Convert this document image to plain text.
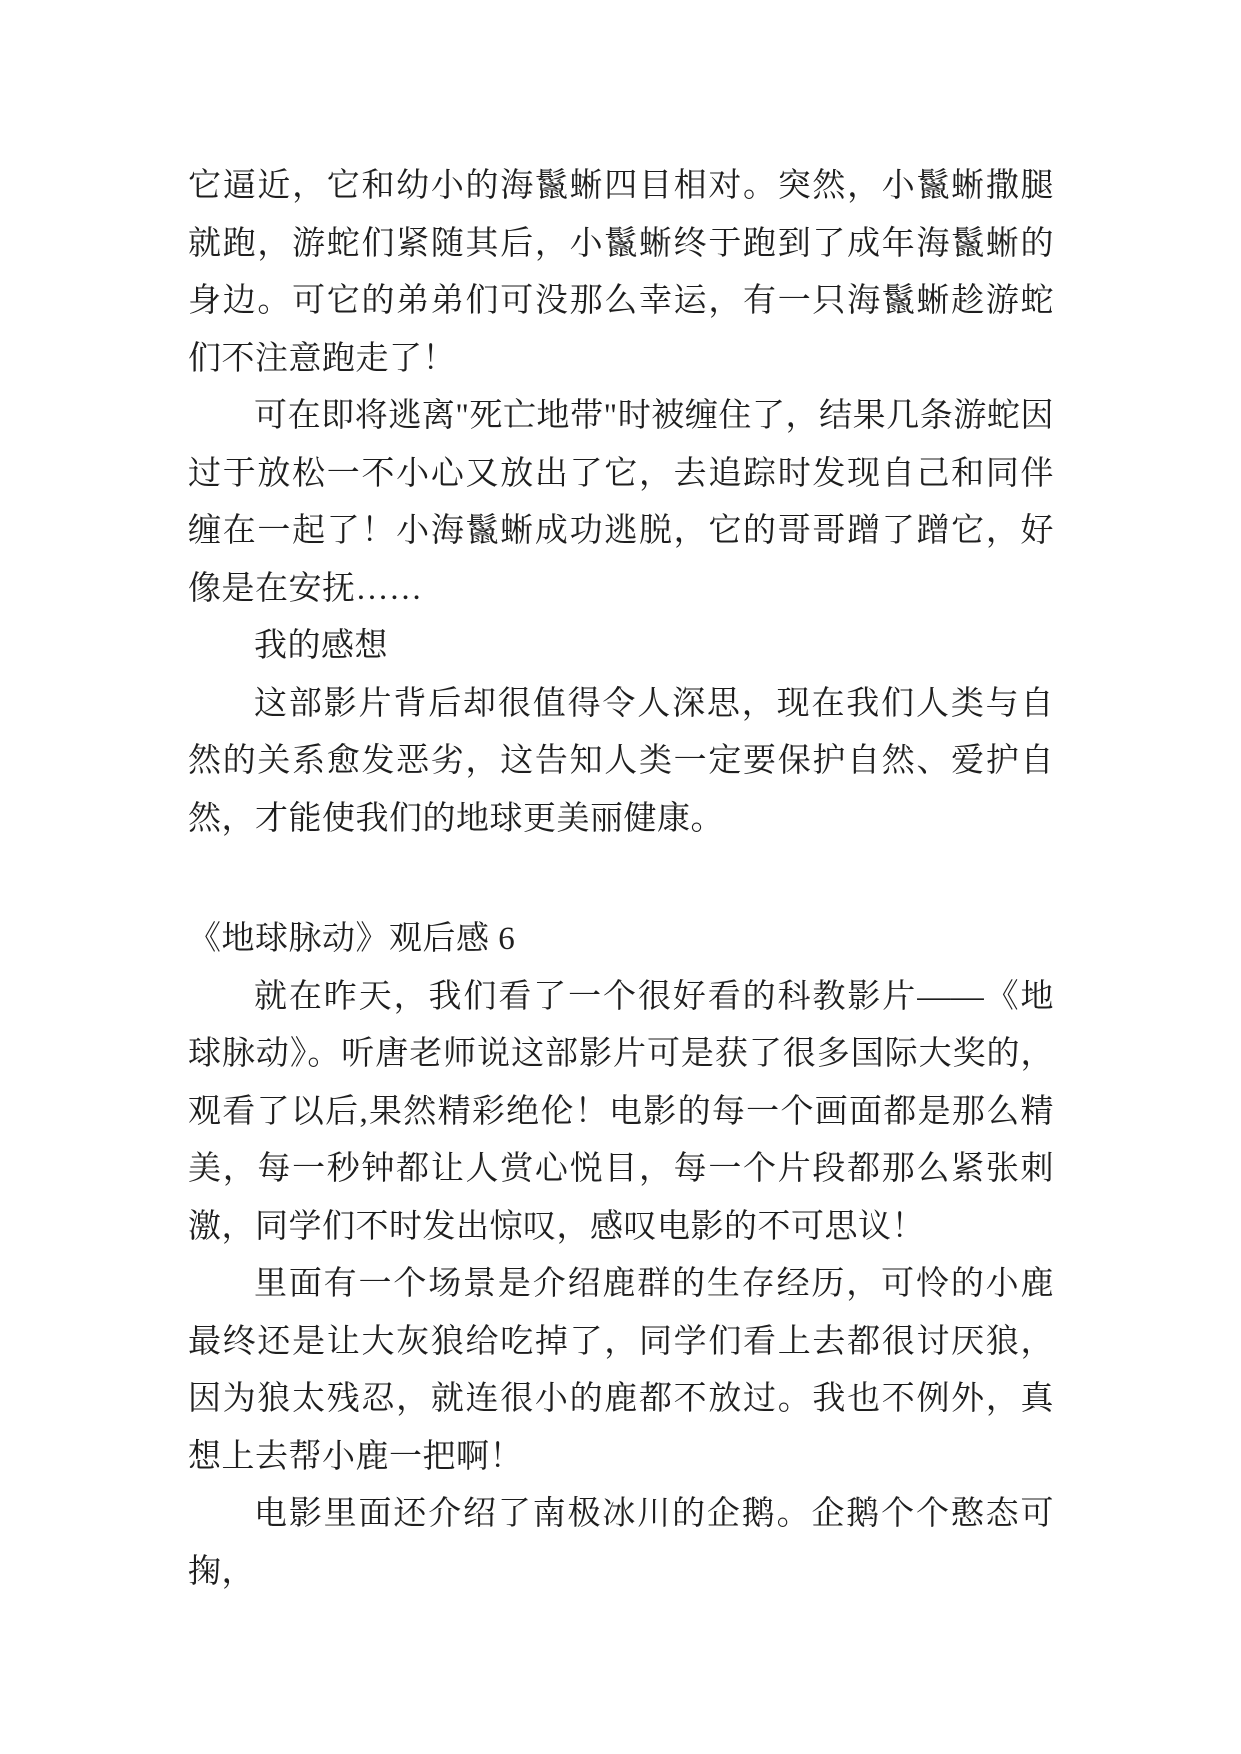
它逼近，它和幼小的海鬣蜥四目相对。突然，小鬣蜥撒腿就跑，游蛇们紧随其后，小鬣蜥终于跑到了成年海鬣蜥的身边。可它的弟弟们可没那么幸运，有一只海鬣蜥趁游蛇们不注意跑走了！

可在即将逃离"死亡地带"时被缠住了，结果几条游蛇因过于放松一不小心又放出了它，去追踪时发现自己和同伴缠在一起了！小海鬣蜥成功逃脱，它的哥哥蹭了蹭它，好像是在安抚……

我的感想

这部影片背后却很值得令人深思，现在我们人类与自然的关系愈发恶劣，这告知人类一定要保护自然、爱护自然，才能使我们的地球更美丽健康。

《地球脉动》观后感 6

就在昨天，我们看了一个很好看的科教影片——《地球脉动》。听唐老师说这部影片可是获了很多国际大奖的，观看了以后,果然精彩绝伦！电影的每一个画面都是那么精美，每一秒钟都让人赏心悦目，每一个片段都那么紧张刺激，同学们不时发出惊叹，感叹电影的不可思议！

里面有一个场景是介绍鹿群的生存经历，可怜的小鹿最终还是让大灰狼给吃掉了，同学们看上去都很讨厌狼，因为狼太残忍，就连很小的鹿都不放过。我也不例外，真想上去帮小鹿一把啊！

电影里面还介绍了南极冰川的企鹅。企鹅个个憨态可掬，
